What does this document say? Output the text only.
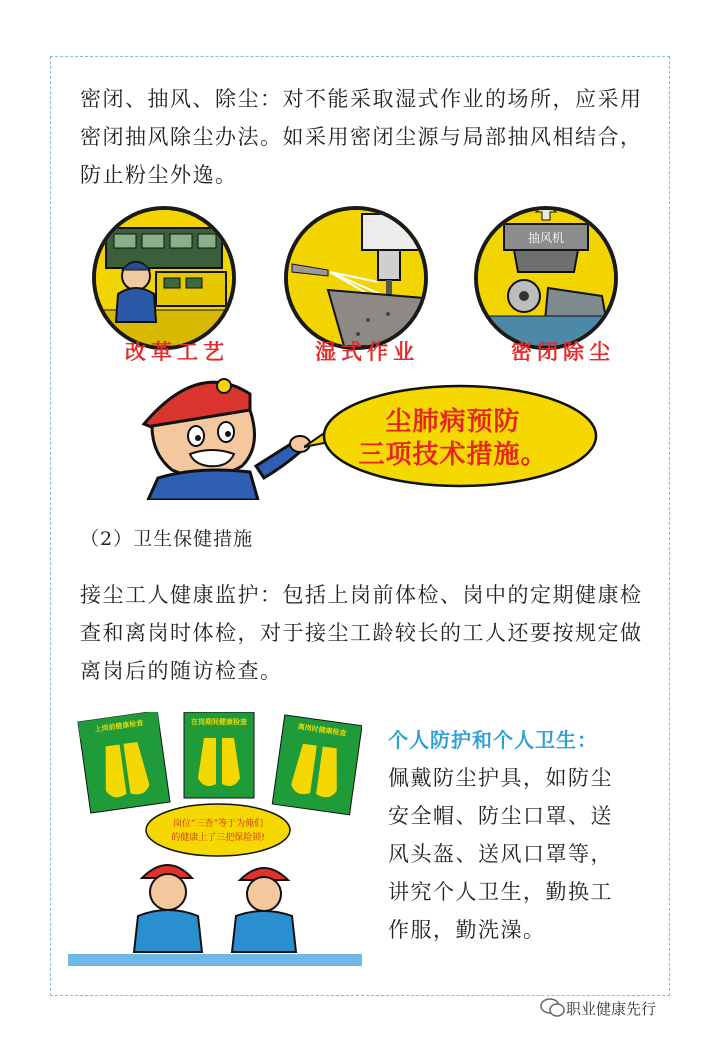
密闭、抽风、除尘：对不能采取湿式作业的场所，应采用密闭抽风除尘办法。如采用密闭尘源与局部抽风相结合，防止粉尘外逸。

抽风机
改革工艺	湿式作业	密闭除尘
尘肺病预防
三项技术措施。
（2）卫生保健措施

接尘工人健康监护：包括上岗前体检、岗中的定期健康检查和离岗时体检，对于接尘工龄较长的工人还要按规定做离岗后的随访检查。

上岗前健康检查	在岗期间健康检查
离岗时健康检查
岗位“三查”等于为俺们
的健康上了三把保险锁!
个人防护和个人卫生：
佩戴防尘护具，如防尘
安全帽、防尘口罩、送
风头盔、送风口罩等，
讲究个人卫生，勤换工
作服，勤洗澡。
职业健康先行
